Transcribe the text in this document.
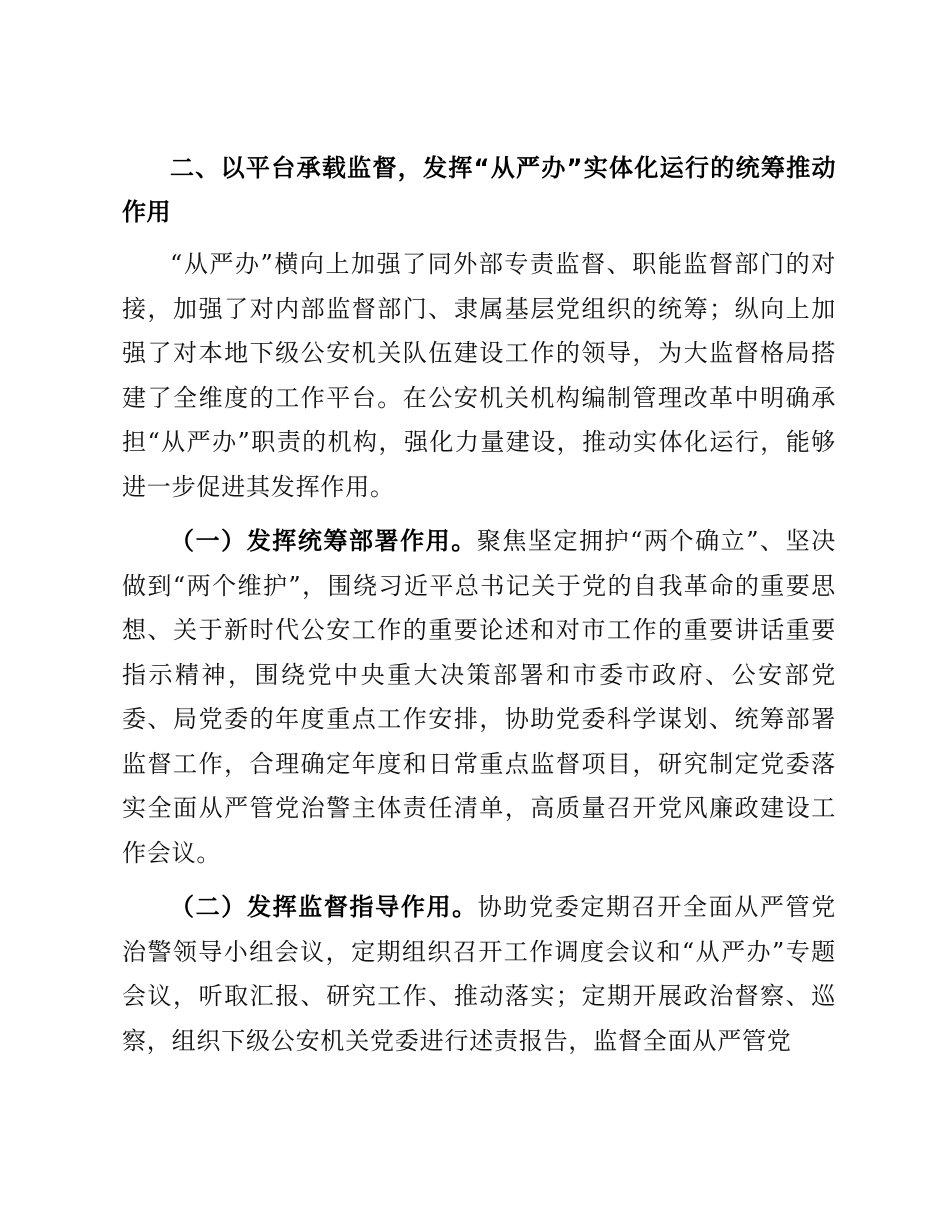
二、以平台承载监督，发挥“从严办”实体化运行的统筹推动作用

“从严办”横向上加强了同外部专责监督、职能监督部门的对接，加强了对内部监督部门、隶属基层党组织的统筹；纵向上加强了对本地下级公安机关队伍建设工作的领导，为大监督格局搭建了全维度的工作平台。在公安机关机构编制管理改革中明确承担“从严办”职责的机构，强化力量建设，推动实体化运行，能够进一步促进其发挥作用。

（一）发挥统筹部署作用。聚焦坚定拥护“两个确立”、坚决做到“两个维护”，围绕习近平总书记关于党的自我革命的重要思想、关于新时代公安工作的重要论述和对市工作的重要讲话重要指示精神，围绕党中央重大决策部署和市委市政府、公安部党委、局党委的年度重点工作安排，协助党委科学谋划、统筹部署监督工作，合理确定年度和日常重点监督项目，研究制定党委落实全面从严管党治警主体责任清单，高质量召开党风廉政建设工作会议。

（二）发挥监督指导作用。协助党委定期召开全面从严管党治警领导小组会议，定期组织召开工作调度会议和“从严办”专题会议，听取汇报、研究工作、推动落实；定期开展政治督察、巡察，组织下级公安机关党委进行述责报告，监督全面从严管党
